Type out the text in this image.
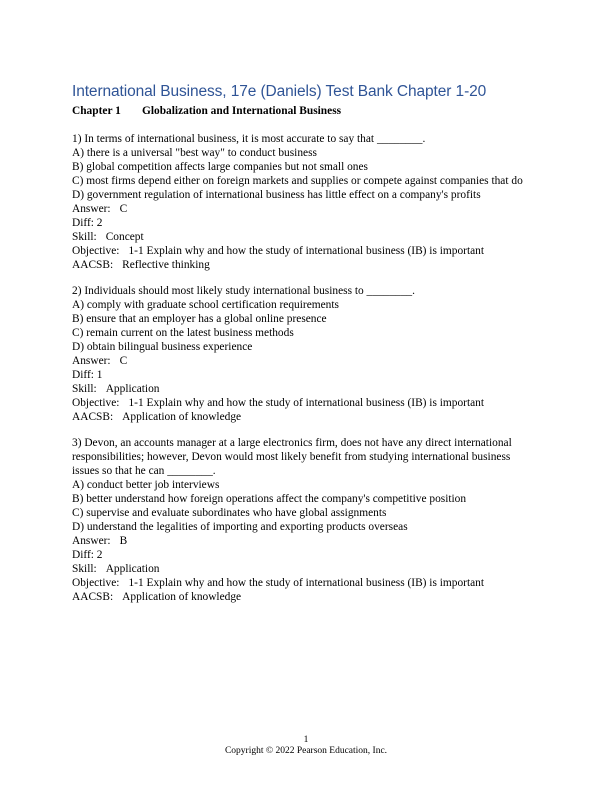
International Business, 17e (Daniels) Test Bank Chapter 1-20
Chapter 1 Globalization and International Business
1) In terms of international business, it is most accurate to say that ________.
A) there is a universal "best way" to conduct business
B) global competition affects large companies but not small ones
C) most firms depend either on foreign markets and supplies or compete against companies that do
D) government regulation of international business has little effect on a company's profits
Answer: C
Diff: 2
Skill: Concept
Objective: 1-1 Explain why and how the study of international business (IB) is important
AACSB: Reflective thinking
2) Individuals should most likely study international business to ________.
A) comply with graduate school certification requirements
B) ensure that an employer has a global online presence
C) remain current on the latest business methods
D) obtain bilingual business experience
Answer: C
Diff: 1
Skill: Application
Objective: 1-1 Explain why and how the study of international business (IB) is important
AACSB: Application of knowledge
3) Devon, an accounts manager at a large electronics firm, does not have any direct international
responsibilities; however, Devon would most likely benefit from studying international business
issues so that he can ________.
A) conduct better job interviews
B) better understand how foreign operations affect the company's competitive position
C) supervise and evaluate subordinates who have global assignments
D) understand the legalities of importing and exporting products overseas
Answer: B
Diff: 2
Skill: Application
Objective: 1-1 Explain why and how the study of international business (IB) is important
AACSB: Application of knowledge
1
Copyright © 2022 Pearson Education, Inc.
